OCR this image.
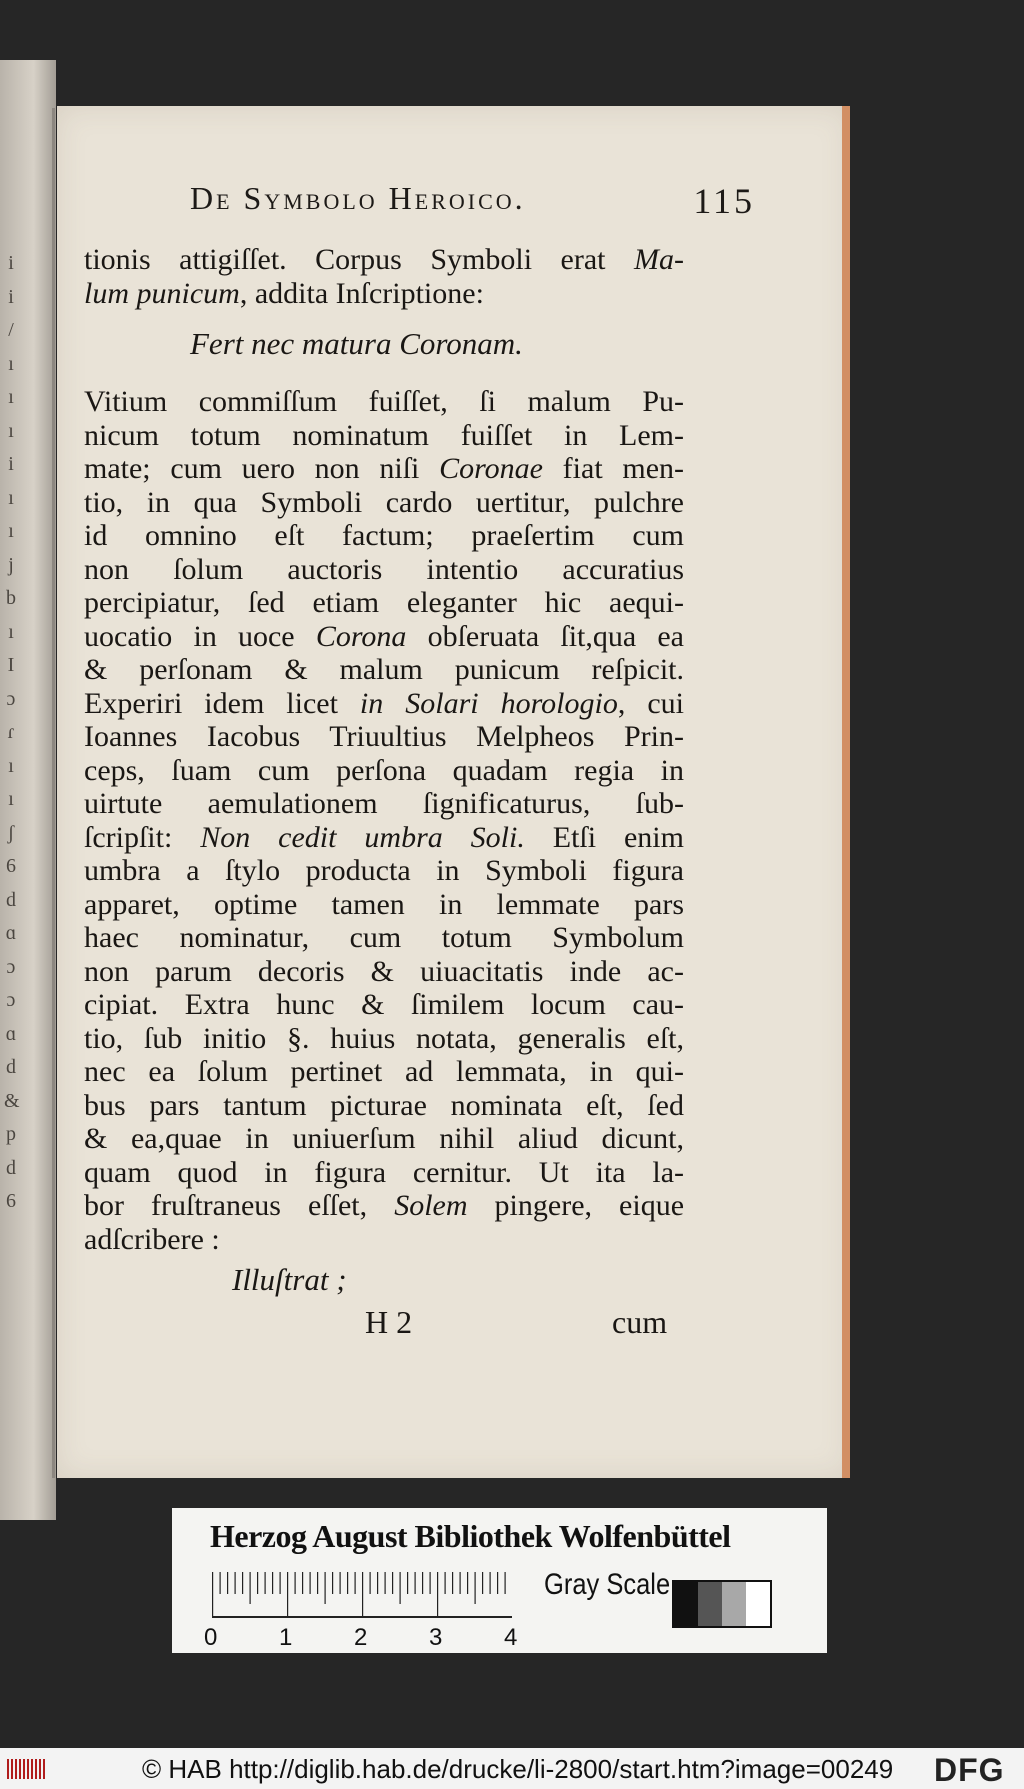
De Symbolo Heroico.	115
tionis attigiſſet. Corpus Symboli erat Ma-
lum punicum, addita Inſcriptione:
Fert nec matura Coronam.
Vitium commiſſum fuiſſet, ſi malum Pu-
nicum totum nominatum fuiſſet in Lem-
mate; cum uero non niſi Coronae fiat men-
tio, in qua Symboli cardo uertitur, pulchre
id omnino eſt factum; praeſertim cum
non ſolum auctoris intentio accuratius
percipiatur, ſed etiam eleganter hic aequi-
uocatio in uoce Corona obſeruata ſit,qua ea
& perſonam & malum punicum reſpicit.
Experiri idem licet in Solari horologio, cui
Ioannes Iacobus Triuultius Melpheos Prin-
ceps, ſuam cum perſona quadam regia in
uirtute aemulationem ſignificaturus, ſub-
ſcripſit: Non cedit umbra Soli. Etſi enim
umbra a ſtylo producta in Symboli figura
apparet, optime tamen in lemmate pars
haec nominatur, cum totum Symbolum
non parum decoris & uiuacitatis inde ac-
cipiat. Extra hunc & ſimilem locum cau-
tio, ſub initio §. huius notata, generalis eſt,
nec ea ſolum pertinet ad lemmata, in qui-
bus pars tantum picturae nominata eſt, ſed
& ea,quae in uniuerſum nihil aliud dicunt,
quam quod in figura cernitur. Ut ita la-
bor fruſtraneus eſſet, Solem pingere, eique
adſcribere :
Illuſtrat ;
H 2	cum
Herzog August Bibliothek Wolfenbüttel
0	1	2	3	4
Gray Scale
© HAB http://diglib.hab.de/drucke/li-2800/start.htm?image=00249 DFG
i
i
/
ı
ı
ı
i
ı
ı
j
b
ı
I
ɔ
ɾ
ı
ı
ʃ
6
d
ɑ
ɔ
ɔ
ɑ
d
&
p
d
6
